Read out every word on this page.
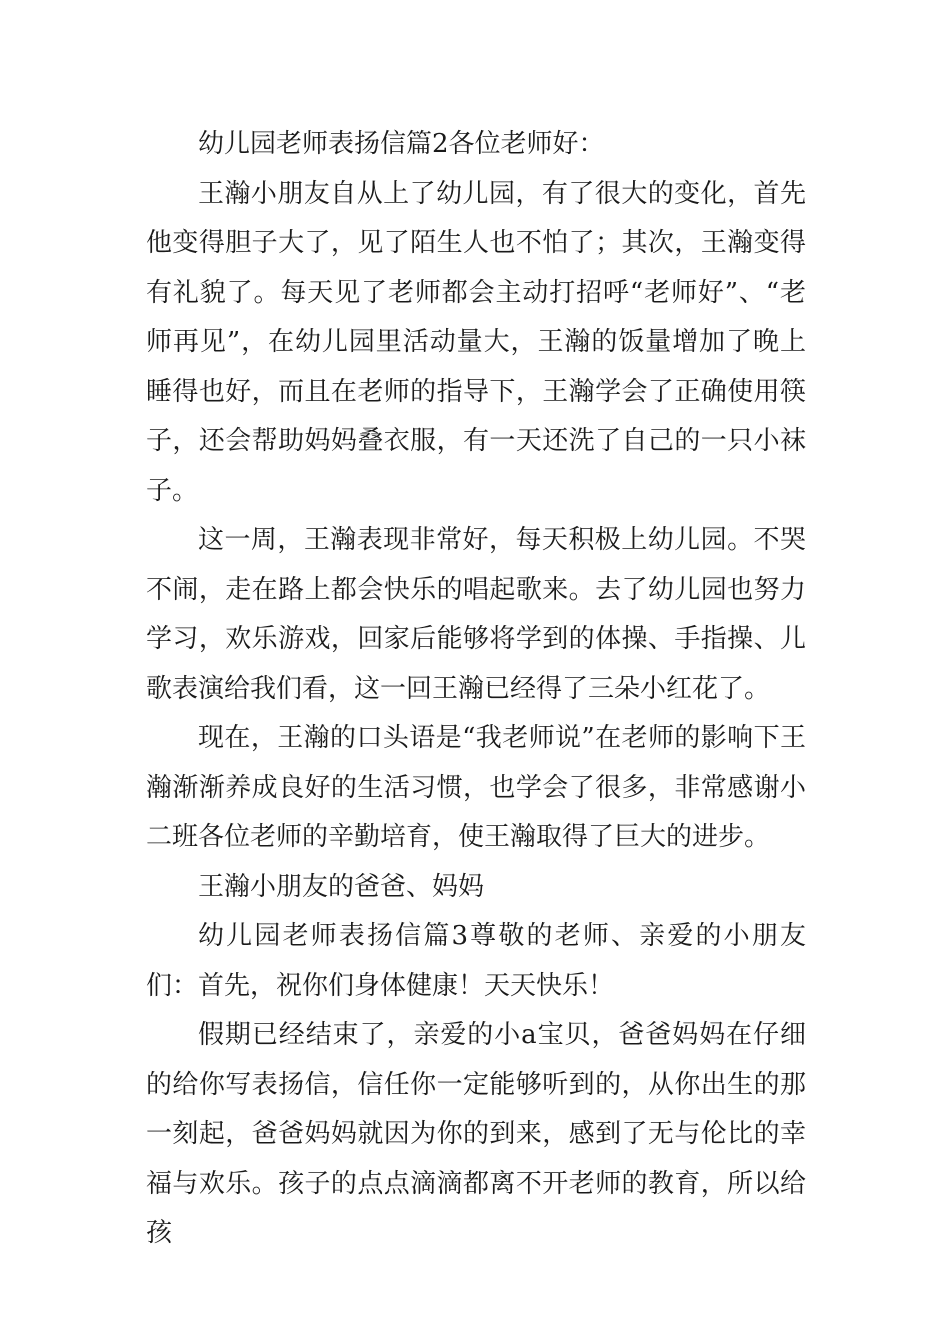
幼儿园老师表扬信篇2各位老师好：

王瀚小朋友自从上了幼儿园，有了很大的变化，首先他变得胆子大了，见了陌生人也不怕了；其次，王瀚变得有礼貌了。每天见了老师都会主动打招呼“老师好”、“老师再见”，在幼儿园里活动量大，王瀚的饭量增加了晚上睡得也好，而且在老师的指导下，王瀚学会了正确使用筷子，还会帮助妈妈叠衣服，有一天还洗了自己的一只小袜子。

这一周，王瀚表现非常好，每天积极上幼儿园。不哭不闹，走在路上都会快乐的唱起歌来。去了幼儿园也努力学习，欢乐游戏，回家后能够将学到的体操、手指操、儿歌表演给我们看，这一回王瀚已经得了三朵小红花了。

现在，王瀚的口头语是“我老师说”在老师的影响下王瀚渐渐养成良好的生活习惯，也学会了很多，非常感谢小二班各位老师的辛勤培育，使王瀚取得了巨大的进步。

王瀚小朋友的爸爸、妈妈

幼儿园老师表扬信篇3尊敬的老师、亲爱的小朋友们：首先，祝你们身体健康！天天快乐！

假期已经结束了，亲爱的小a宝贝，爸爸妈妈在仔细的给你写表扬信，信任你一定能够听到的，从你出生的那一刻起，爸爸妈妈就因为你的到来，感到了无与伦比的幸福与欢乐。孩子的点点滴滴都离不开老师的教育，所以给孩
